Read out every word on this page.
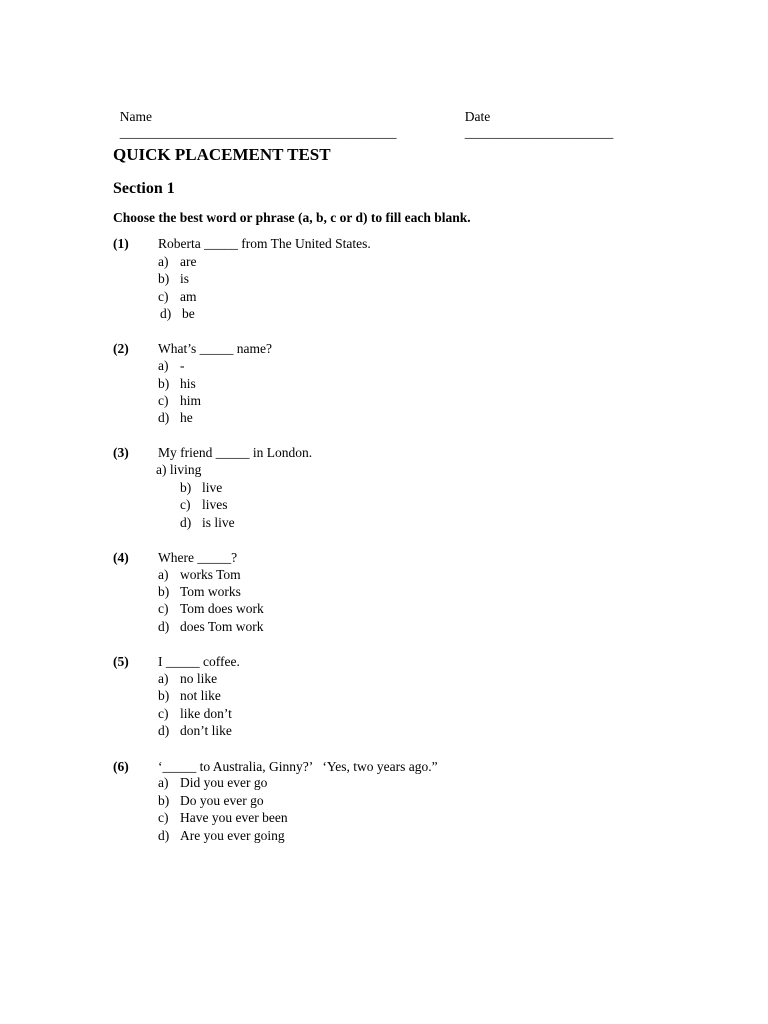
Name
_________________________________________

Date
______________________

QUICK PLACEMENT TEST
Section 1
Choose the best word or phrase (a, b, c or d) to fill each blank.
(1) Roberta _____ from The United States.
a) are
b) is
c) am
d) be
(2) What’s _____ name?
a) -
b) his
c) him
d) he
(3) My friend _____ in London.
a) living
b) live
c) lives
d) is live
(4) Where _____?
a) works Tom
b) Tom works
c) Tom does work
d) does Tom work
(5) I _____ coffee.
a) no like
b) not like
c) like don’t
d) don’t like
(6) ‘_____ to Australia, Ginny?’   ‘Yes, two years ago.”
a) Did you ever go
b) Do you ever go
c) Have you ever been
d) Are you ever going
